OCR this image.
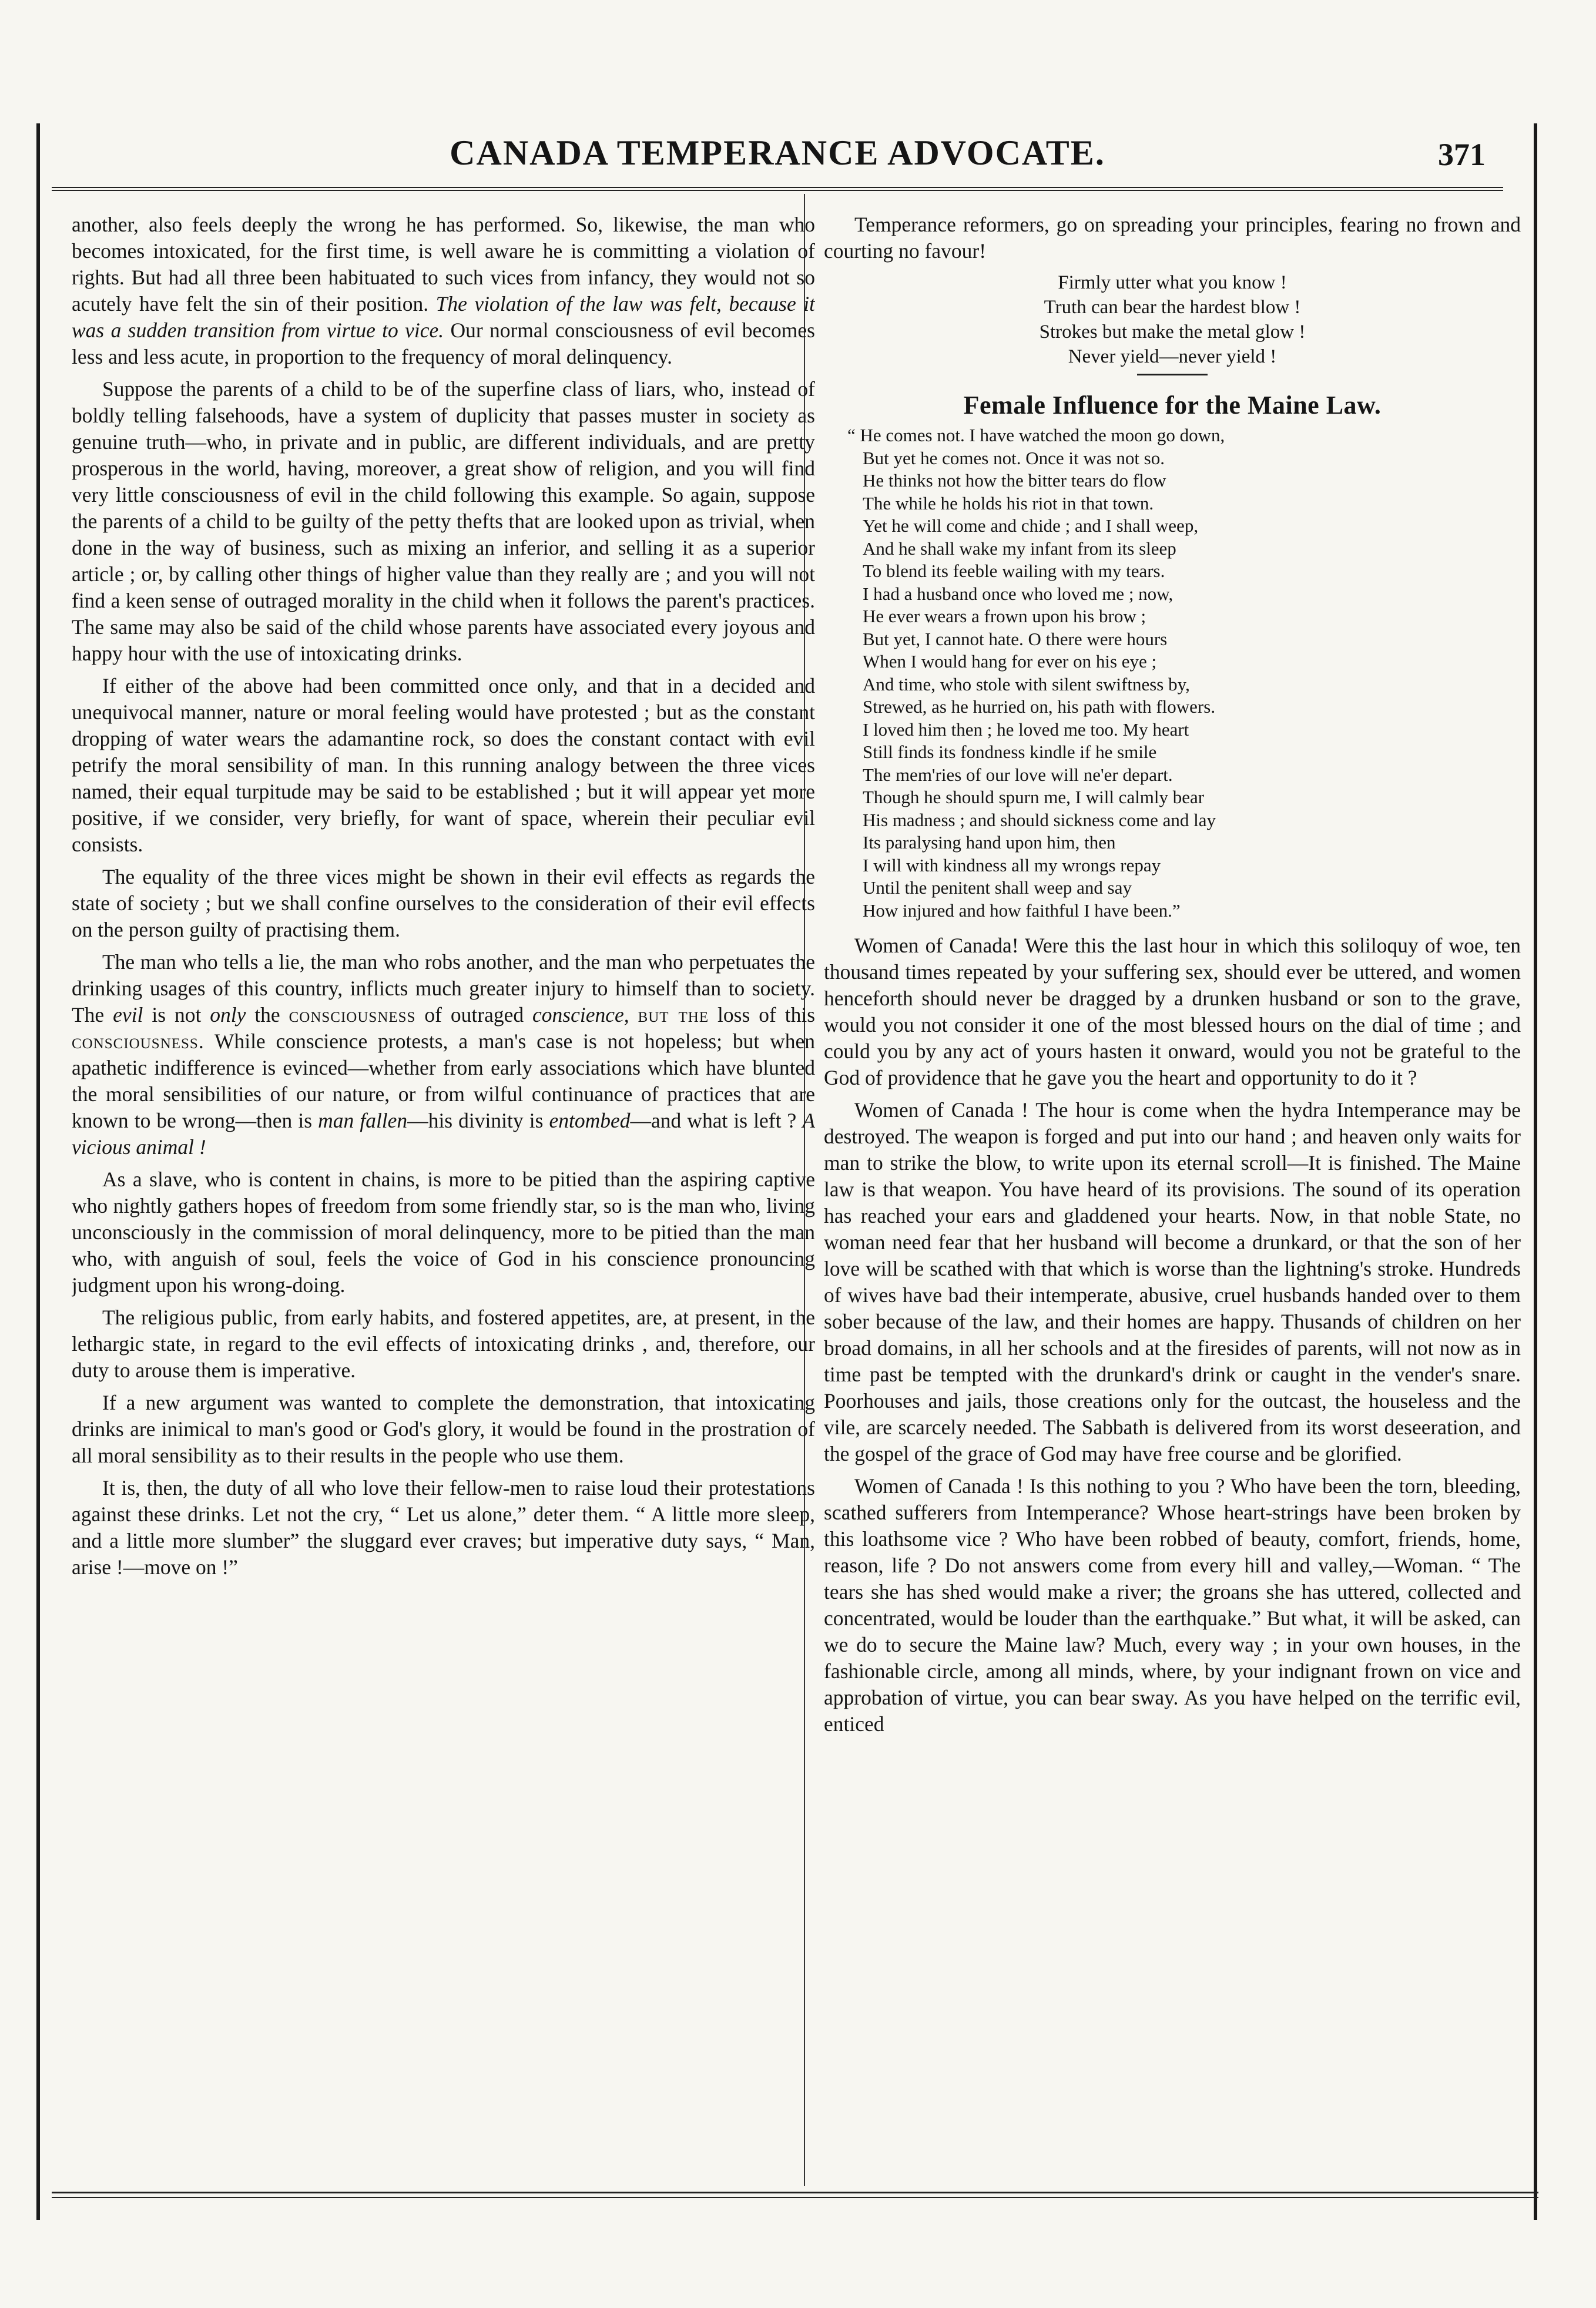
CANADA TEMPERANCE ADVOCATE.	371

another, also feels deeply the wrong he has performed. So, likewise, the man who becomes intoxicated, for the first time, is well aware he is committing a violation of rights. But had all three been habituated to such vices from infancy, they would not so acutely have felt the sin of their position. The violation of the law was felt, because it was a sudden transition from virtue to vice. Our normal consciousness of evil becomes less and less acute, in proportion to the frequency of moral delinquency.

Suppose the parents of a child to be of the superfine class of liars, who, instead of boldly telling falsehoods, have a system of duplicity that passes muster in society as genuine truth—who, in private and in public, are different individuals, and are pretty prosperous in the world, having, moreover, a great show of religion, and you will find very little consciousness of evil in the child following this example. So again, suppose the parents of a child to be guilty of the petty thefts that are looked upon as trivial, when done in the way of business, such as mixing an inferior, and selling it as a superior article ; or, by calling other things of higher value than they really are ; and you will not find a keen sense of outraged morality in the child when it follows the parent's practices. The same may also be said of the child whose parents have associated every joyous and happy hour with the use of intoxicating drinks.

If either of the above had been committed once only, and that in a decided and unequivocal manner, nature or moral feeling would have protested ; but as the constant dropping of water wears the adamantine rock, so does the constant contact with evil petrify the moral sensibility of man. In this running analogy between the three vices named, their equal turpitude may be said to be established ; but it will appear yet more positive, if we consider, very briefly, for want of space, wherein their peculiar evil consists.

The equality of the three vices might be shown in their evil effects as regards the state of society ; but we shall confine ourselves to the consideration of their evil effects on the person guilty of practising them.

The man who tells a lie, the man who robs another, and the man who perpetuates the drinking usages of this country, inflicts much greater injury to himself than to society. The evil is not only the consciousness of outraged conscience, but the loss of this consciousness. While conscience protests, a man's case is not hopeless; but when apathetic indifference is evinced—whether from early associations which have blunted the moral sensibilities of our nature, or from wilful continuance of practices that are known to be wrong—then is man fallen—his divinity is entombed—and what is left ? A vicious animal !

As a slave, who is content in chains, is more to be pitied than the aspiring captive who nightly gathers hopes of freedom from some friendly star, so is the man who, living unconsciously in the commission of moral delinquency, more to be pitied than the man who, with anguish of soul, feels the voice of God in his conscience pronouncing judgment upon his wrong-doing.

The religious public, from early habits, and fostered appetites, are, at present, in the lethargic state, in regard to the evil effects of intoxicating drinks , and, therefore, our duty to arouse them is imperative.

If a new argument was wanted to complete the demonstration, that intoxicating drinks are inimical to man's good or God's glory, it would be found in the prostration of all moral sensibility as to their results in the people who use them.

It is, then, the duty of all who love their fellow-men to raise loud their protestations against these drinks. Let not the cry, “ Let us alone,” deter them. “ A little more sleep, and a little more slumber” the sluggard ever craves; but imperative duty says, “ Man, arise !—move on !”

Temperance reformers, go on spreading your principles, fearing no frown and courting no favour!

Firmly utter what you know !
Truth can bear the hardest blow !
Strokes but make the metal glow !
Never yield—never yield !
Female Influence for the Maine Law.
“ He comes not. I have watched the moon go down,
But yet he comes not. Once it was not so.
He thinks not how the bitter tears do flow
The while he holds his riot in that town.
Yet he will come and chide ; and I shall weep,
And he shall wake my infant from its sleep
To blend its feeble wailing with my tears.
I had a husband once who loved me ; now,
He ever wears a frown upon his brow ;
But yet, I cannot hate. O there were hours
When I would hang for ever on his eye ;
And time, who stole with silent swiftness by,
Strewed, as he hurried on, his path with flowers.
I loved him then ; he loved me too. My heart
Still finds its fondness kindle if he smile
The mem'ries of our love will ne'er depart.
Though he should spurn me, I will calmly bear
His madness ; and should sickness come and lay
Its paralysing hand upon him, then
I will with kindness all my wrongs repay
Until the penitent shall weep and say
How injured and how faithful I have been.”

Women of Canada! Were this the last hour in which this soliloquy of woe, ten thousand times repeated by your suffering sex, should ever be uttered, and women henceforth should never be dragged by a drunken husband or son to the grave, would you not consider it one of the most blessed hours on the dial of time ; and could you by any act of yours hasten it onward, would you not be grateful to the God of providence that he gave you the heart and opportunity to do it ?

Women of Canada ! The hour is come when the hydra Intemperance may be destroyed. The weapon is forged and put into our hand ; and heaven only waits for man to strike the blow, to write upon its eternal scroll—It is finished. The Maine law is that weapon. You have heard of its provisions. The sound of its operation has reached your ears and gladdened your hearts. Now, in that noble State, no woman need fear that her husband will become a drunkard, or that the son of her love will be scathed with that which is worse than the lightning's stroke. Hundreds of wives have bad their intemperate, abusive, cruel husbands handed over to them sober because of the law, and their homes are happy. Thusands of children on her broad domains, in all her schools and at the firesides of parents, will not now as in time past be tempted with the drunkard's drink or caught in the vender's snare. Poorhouses and jails, those creations only for the outcast, the houseless and the vile, are scarcely needed. The Sabbath is delivered from its worst deseeration, and the gospel of the grace of God may have free course and be glorified.

Women of Canada ! Is this nothing to you ? Who have been the torn, bleeding, scathed sufferers from Intemperance? Whose heart-strings have been broken by this loathsome vice ? Who have been robbed of beauty, comfort, friends, home, reason, life ? Do not answers come from every hill and valley,—Woman. “ The tears she has shed would make a river; the groans she has uttered, collected and concentrated, would be louder than the earthquake.” But what, it will be asked, can we do to secure the Maine law? Much, every way ; in your own houses, in the fashionable circle, among all minds, where, by your indignant frown on vice and approbation of virtue, you can bear sway. As you have helped on the terrific evil, enticed
